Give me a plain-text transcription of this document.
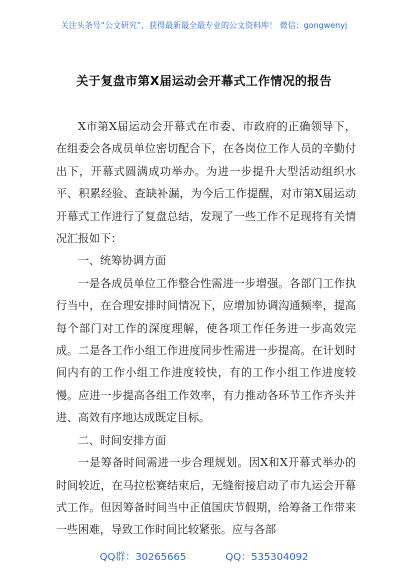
关注头条号“公文研究”，获得最新最全最专业的公文资料库！ 微信：gongwenyj
关于复盘市第X届运动会开幕式工作情况的报告

X市第X届运动会开幕式在市委、市政府的正确领导下，在组委会各成员单位密切配合下，在各岗位工作人员的辛勤付出下，开幕式圆满成功举办。为进一步提升大型活动组织水平、积累经验、查缺补漏，为今后工作提醒，对市第X届运动开幕式工作进行了复盘总结，发现了一些工作不足现将有关情况汇报如下：

一、统筹协调方面

一是各成员单位工作整合性需进一步增强。各部门工作执行当中，在合理安排时间情况下，应增加协调沟通频率，提高每个部门对工作的深度理解，使各项工作任务进一步高效完成。二是各工作小组工作进度同步性需进一步提高。在计划时间内有的工作小组工作进度较快，有的工作小组工作进度较慢。应进一步提高各组工作效率，有力推动各环节工作齐头并进、高效有序地达成既定目标。

二、时间安排方面

一是筹备时间需进一步合理规划。因X和X开幕式举办的时间较近，在马拉松赛结束后，无缝衔接启动了市九运会开幕式工作。但因筹备时间当中正值国庆节假期，给筹备工作带来一些困难，导致工作时间比较紧张。应与各部

QQ群：30265665	QQ：535304092
